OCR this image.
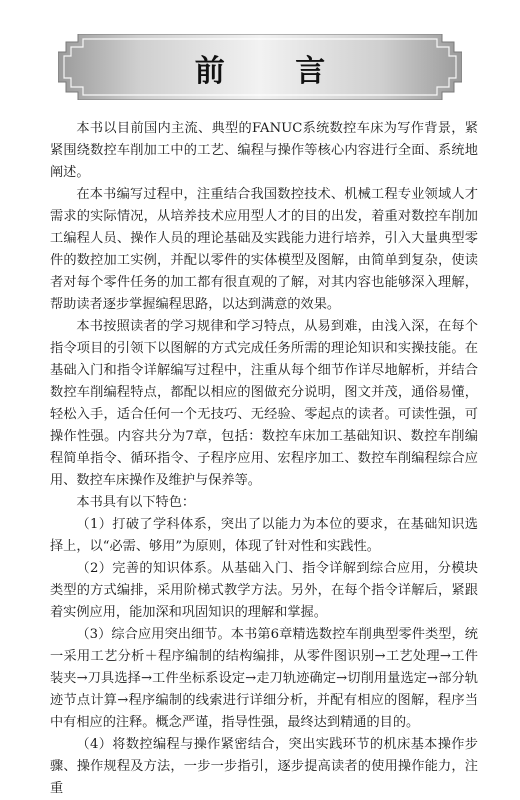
前 言

本书以目前国内主流、典型的FANUC系统数控车床为写作背景，紧紧围绕数控车削加工中的工艺、编程与操作等核心内容进行全面、系统地阐述。

在本书编写过程中，注重结合我国数控技术、机械工程专业领域人才需求的实际情况，从培养技术应用型人才的目的出发，着重对数控车削加工编程人员、操作人员的理论基础及实践能力进行培养，引入大量典型零件的数控加工实例，并配以零件的实体模型及图解，由简单到复杂，使读者对每个零件任务的加工都有很直观的了解，对其内容也能够深入理解，帮助读者逐步掌握编程思路，以达到满意的效果。

本书按照读者的学习规律和学习特点，从易到难，由浅入深，在每个指令项目的引领下以图解的方式完成任务所需的理论知识和实操技能。在基础入门和指令详解编写过程中，注重从每个细节作详尽地解析，并结合数控车削编程特点，都配以相应的图做充分说明，图文并茂，通俗易懂，轻松入手，适合任何一个无技巧、无经验、零起点的读者。可读性强，可操作性强。内容共分为7章，包括：数控车床加工基础知识、数控车削编程简单指令、循环指令、子程序应用、宏程序加工、数控车削编程综合应用、数控车床操作及维护与保养等。

本书具有以下特色：

（1）打破了学科体系，突出了以能力为本位的要求，在基础知识选择上，以“必需、够用”为原则，体现了针对性和实践性。

（2）完善的知识体系。从基础入门、指令详解到综合应用，分模块类型的方式编排，采用阶梯式教学方法。另外，在每个指令详解后，紧跟着实例应用，能加深和巩固知识的理解和掌握。

（3）综合应用突出细节。本书第6章精选数控车削典型零件类型，统一采用工艺分析＋程序编制的结构编排，从零件图识别→工艺处理→工件装夹→刀具选择→工件坐标系设定→走刀轨迹确定→切削用量选定→部分轨迹节点计算→程序编制的线索进行详细分析，并配有相应的图解，程序当中有相应的注释。概念严谨，指导性强，最终达到精通的目的。

（4）将数控编程与操作紧密结合，突出实践环节的机床基本操作步骤、操作规程及方法，一步一步指引，逐步提高读者的使用操作能力，注重
